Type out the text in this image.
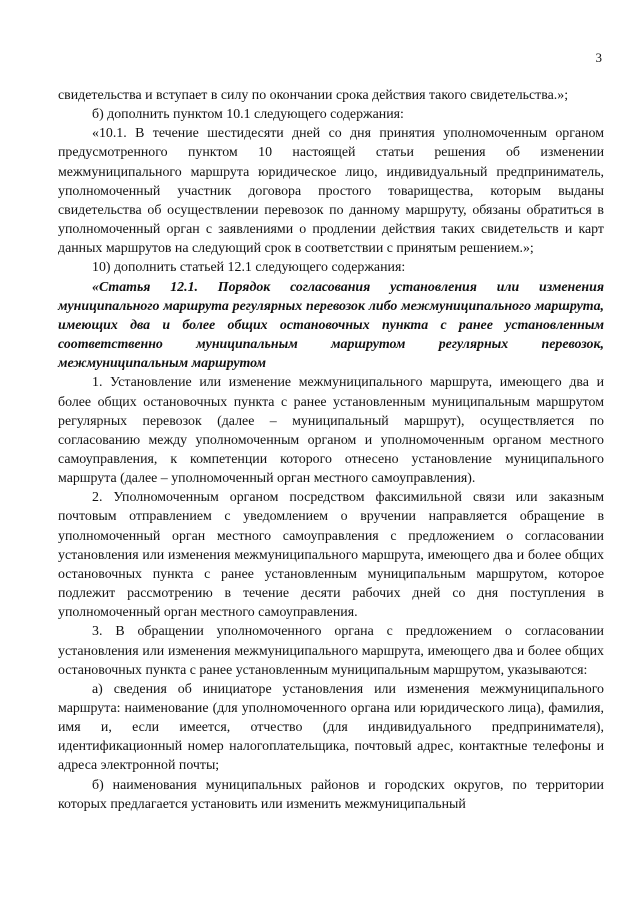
3

свидетельства и вступает в силу по окончании срока действия такого свидетельства.»;

б) дополнить пунктом 10.1 следующего содержания:

«10.1. В течение шестидесяти дней со дня принятия уполномоченным органом предусмотренного пунктом 10 настоящей статьи решения об изменении межмуниципального маршрута юридическое лицо, индивидуальный предприниматель, уполномоченный участник договора простого товарищества, которым выданы свидетельства об осуществлении перевозок по данному маршруту, обязаны обратиться в уполномоченный орган с заявлениями о продлении действия таких свидетельств и карт данных маршрутов на следующий срок в соответствии с принятым решением.»;

10) дополнить статьей 12.1 следующего содержания:

«Статья 12.1. Порядок согласования установления или изменения муниципального маршрута регулярных перевозок либо межмуниципального маршрута, имеющих два и более общих остановочных пункта с ранее установленным соответственно муниципальным маршрутом регулярных перевозок, межмуниципальным маршрутом

1. Установление или изменение межмуниципального маршрута, имеющего два и более общих остановочных пункта с ранее установленным муниципальным маршрутом регулярных перевозок (далее – муниципальный маршрут), осуществляется по согласованию между уполномоченным органом и уполномоченным органом местного самоуправления, к компетенции которого отнесено установление муниципального маршрута (далее – уполномоченный орган местного самоуправления).

2. Уполномоченным органом посредством факсимильной связи или заказным почтовым отправлением с уведомлением о вручении направляется обращение в уполномоченный орган местного самоуправления с предложением о согласовании установления или изменения межмуниципального маршрута, имеющего два и более общих остановочных пункта с ранее установленным муниципальным маршрутом, которое подлежит рассмотрению в течение десяти рабочих дней со дня поступления в уполномоченный орган местного самоуправления.

3. В обращении уполномоченного органа с предложением о согласовании установления или изменения межмуниципального маршрута, имеющего два и более общих остановочных пункта с ранее установленным муниципальным маршрутом, указываются:

а) сведения об инициаторе установления или изменения межмуниципального маршрута: наименование (для уполномоченного органа или юридического лица), фамилия, имя и, если имеется, отчество (для индивидуального предпринимателя), идентификационный номер налогоплательщика, почтовый адрес, контактные телефоны и адреса электронной почты;

б) наименования муниципальных районов и городских округов, по территории которых предлагается установить или изменить межмуниципальный
